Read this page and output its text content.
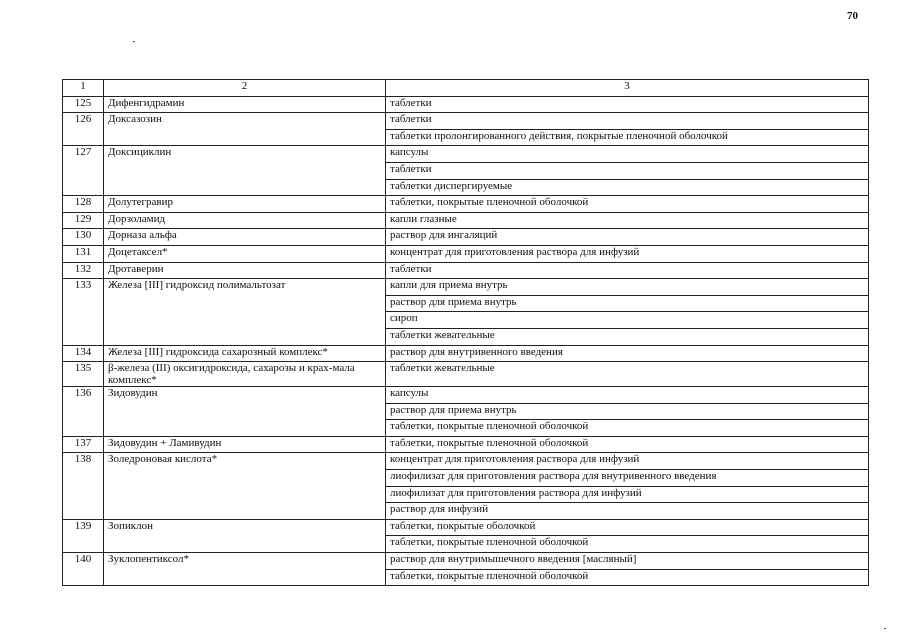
70
1	2	3
125	Дифенгидрамин	таблетки
126	Доксазозин	таблетки
		таблетки пролонгированного действия, покрытые пленочной оболочкой
127	Доксициклин	капсулы
		таблетки
		таблетки диспергируемые
128	Долутегравир	таблетки, покрытые пленочной оболочкой
129	Дорзоламид	капли глазные
130	Дорназа альфа	раствор для ингаляций
131	Доцетаксел*	концентрат для приготовления раствора для инфузий
132	Дротаверин	таблетки
133	Железа [III] гидроксид полимальтозат	капли для приема внутрь
		раствор для приема внутрь
		сироп
		таблетки жевательные
134	Железа [III] гидроксида сахарозный комплекс*	раствор для внутривенного введения
135	β-железа (III) оксигидроксида, сахарозы и крах-мала комплекс*	таблетки жевательные
136	Зидовудин	капсулы
		раствор для приема внутрь
		таблетки, покрытые пленочной оболочкой
137	Зидовудин + Ламивудин	таблетки, покрытые пленочной оболочкой
138	Золедроновая кислота*	концентрат для приготовления раствора для инфузий
		лиофилизат для приготовления раствора для внутривенного введения
		лиофилизат для приготовления раствора для инфузий
		раствор для инфузий
139	Зопиклон	таблетки, покрытые оболочкой
		таблетки, покрытые пленочной оболочкой
140	Зуклопентиксол*	раствор для внутримышечного введения [масляный]
		таблетки, покрытые пленочной оболочкой
